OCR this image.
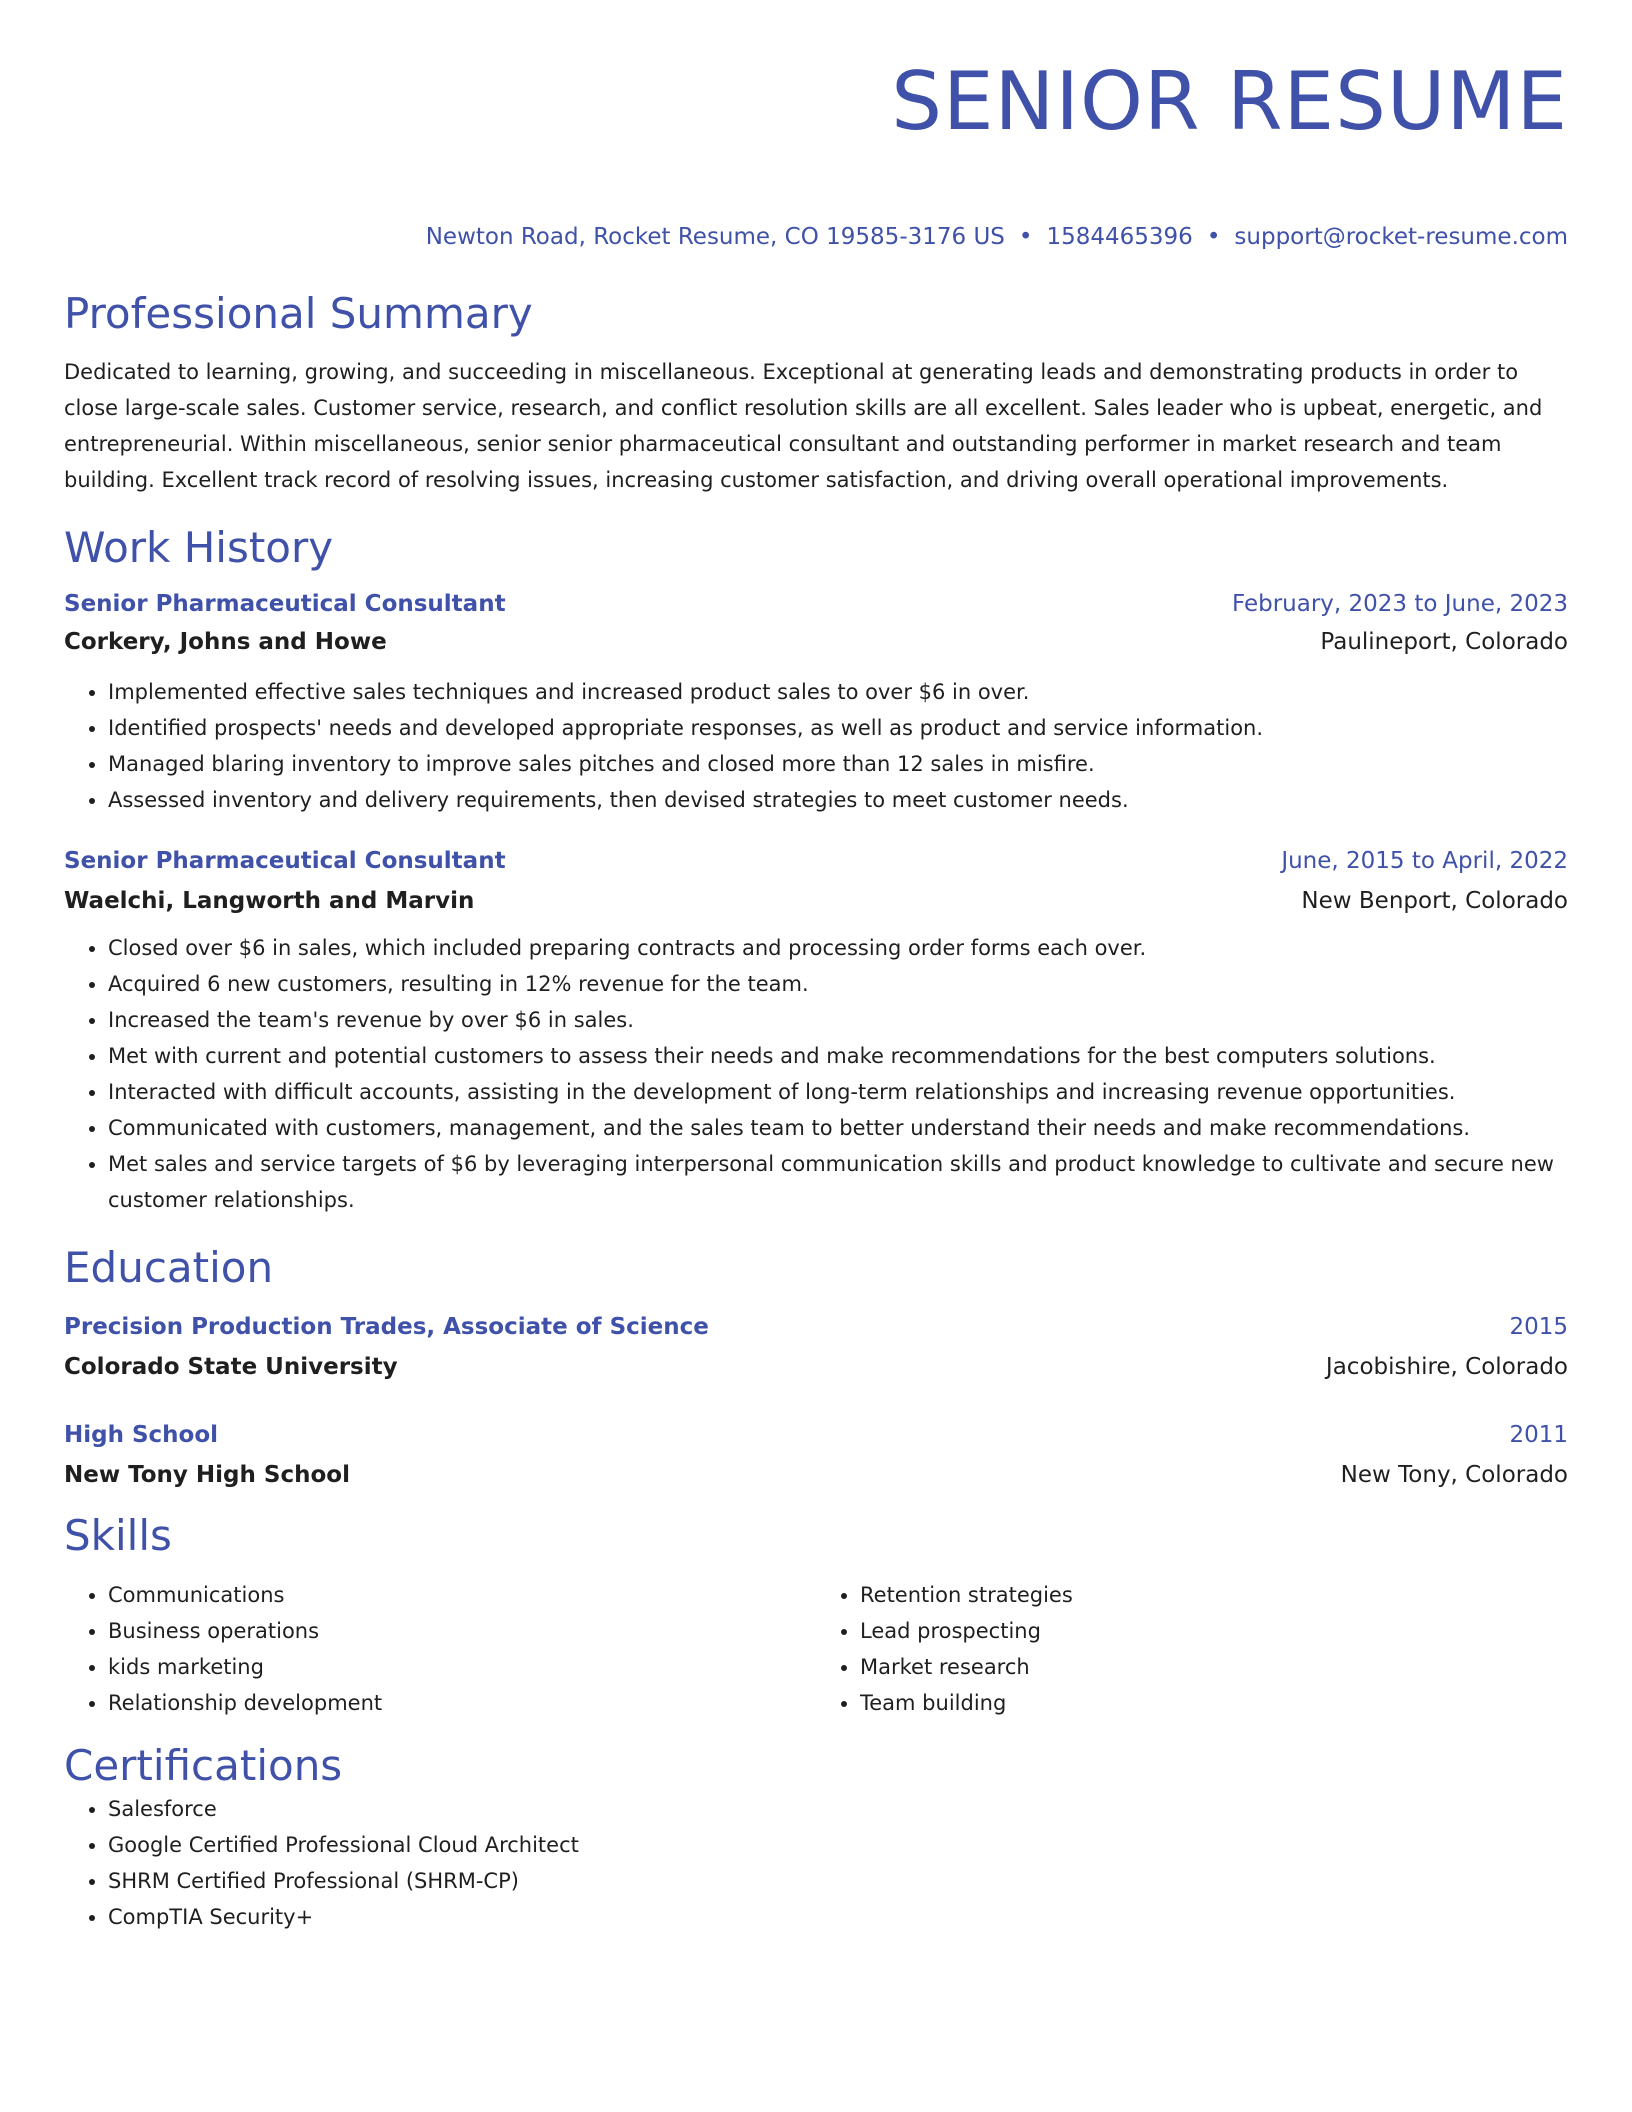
SENIOR RESUME
Newton Road, Rocket Resume, CO 19585-3176 US • 1584465396 • support@rocket-resume.com
Professional Summary

Dedicated to learning, growing, and succeeding in miscellaneous. Exceptional at generating leads and demonstrating products in order to close large-scale sales. Customer service, research, and conflict resolution skills are all excellent. Sales leader who is upbeat, energetic, and entrepreneurial. Within miscellaneous, senior senior pharmaceutical consultant and outstanding performer in market research and team building. Excellent track record of resolving issues, increasing customer satisfaction, and driving overall operational improvements.

Work History
Senior Pharmaceutical Consultant	February, 2023 to June, 2023
Corkery, Johns and Howe	Paulineport, Colorado
• Implemented effective sales techniques and increased product sales to over $6 in over.
• Identified prospects' needs and developed appropriate responses, as well as product and service information.
• Managed blaring inventory to improve sales pitches and closed more than 12 sales in misfire.
• Assessed inventory and delivery requirements, then devised strategies to meet customer needs.
Senior Pharmaceutical Consultant	June, 2015 to April, 2022
Waelchi, Langworth and Marvin	New Benport, Colorado
• Closed over $6 in sales, which included preparing contracts and processing order forms each over.
• Acquired 6 new customers, resulting in 12% revenue for the team.
• Increased the team's revenue by over $6 in sales.
• Met with current and potential customers to assess their needs and make recommendations for the best computers solutions.
• Interacted with difficult accounts, assisting in the development of long-term relationships and increasing revenue opportunities.
• Communicated with customers, management, and the sales team to better understand their needs and make recommendations.
• Met sales and service targets of $6 by leveraging interpersonal communication skills and product knowledge to cultivate and secure new customer relationships.
Education
Precision Production Trades, Associate of Science	2015
Colorado State University	Jacobishire, Colorado
High School	2011
New Tony High School	New Tony, Colorado
Skills
• Communications
• Business operations
• kids marketing
• Relationship development
• Retention strategies
• Lead prospecting
• Market research
• Team building
Certifications
• Salesforce
• Google Certified Professional Cloud Architect
• SHRM Certified Professional (SHRM-CP)
• CompTIA Security+
